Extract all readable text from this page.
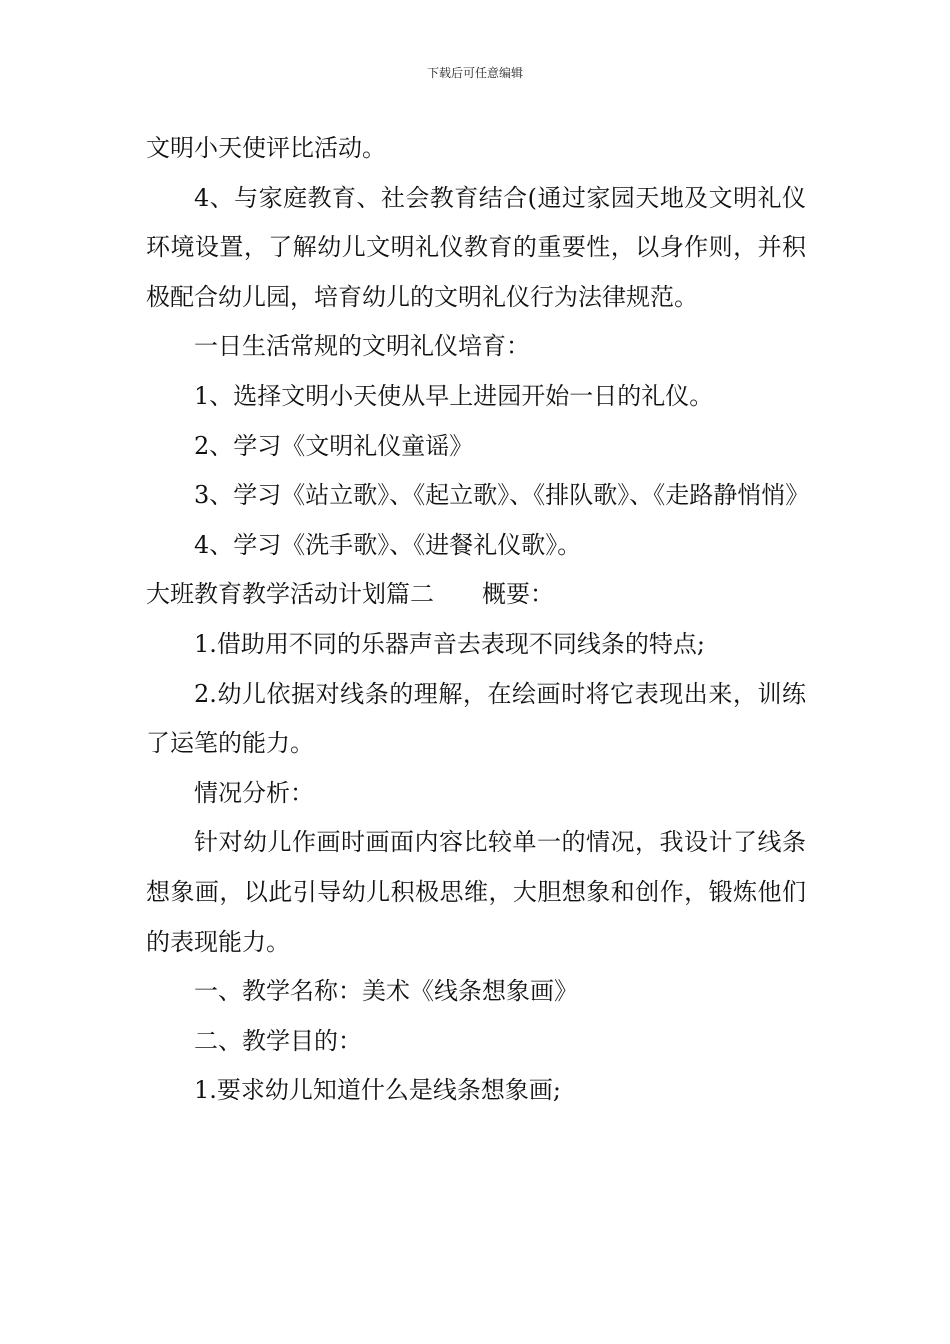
下载后可任意编辑

文明小天使评比活动。

4、与家庭教育、社会教育结合(通过家园天地及文明礼仪环境设置，了解幼儿文明礼仪教育的重要性，以身作则，并积极配合幼儿园，培育幼儿的文明礼仪行为法律规范。

一日生活常规的文明礼仪培育：

1、选择文明小天使从早上进园开始一日的礼仪。

2、学习《文明礼仪童谣》

3、学习《站立歌》、《起立歌》、《排队歌》、《走路静悄悄》

4、学习《洗手歌》、《进餐礼仪歌》。

大班教育教学活动计划篇二　　概要：

1.借助用不同的乐器声音去表现不同线条的特点;

2.幼儿依据对线条的理解，在绘画时将它表现出来，训练了运笔的能力。

情况分析：

针对幼儿作画时画面内容比较单一的情况，我设计了线条想象画，以此引导幼儿积极思维，大胆想象和创作，锻炼他们的表现能力。

一、教学名称：美术《线条想象画》

二、教学目的：

1.要求幼儿知道什么是线条想象画;
